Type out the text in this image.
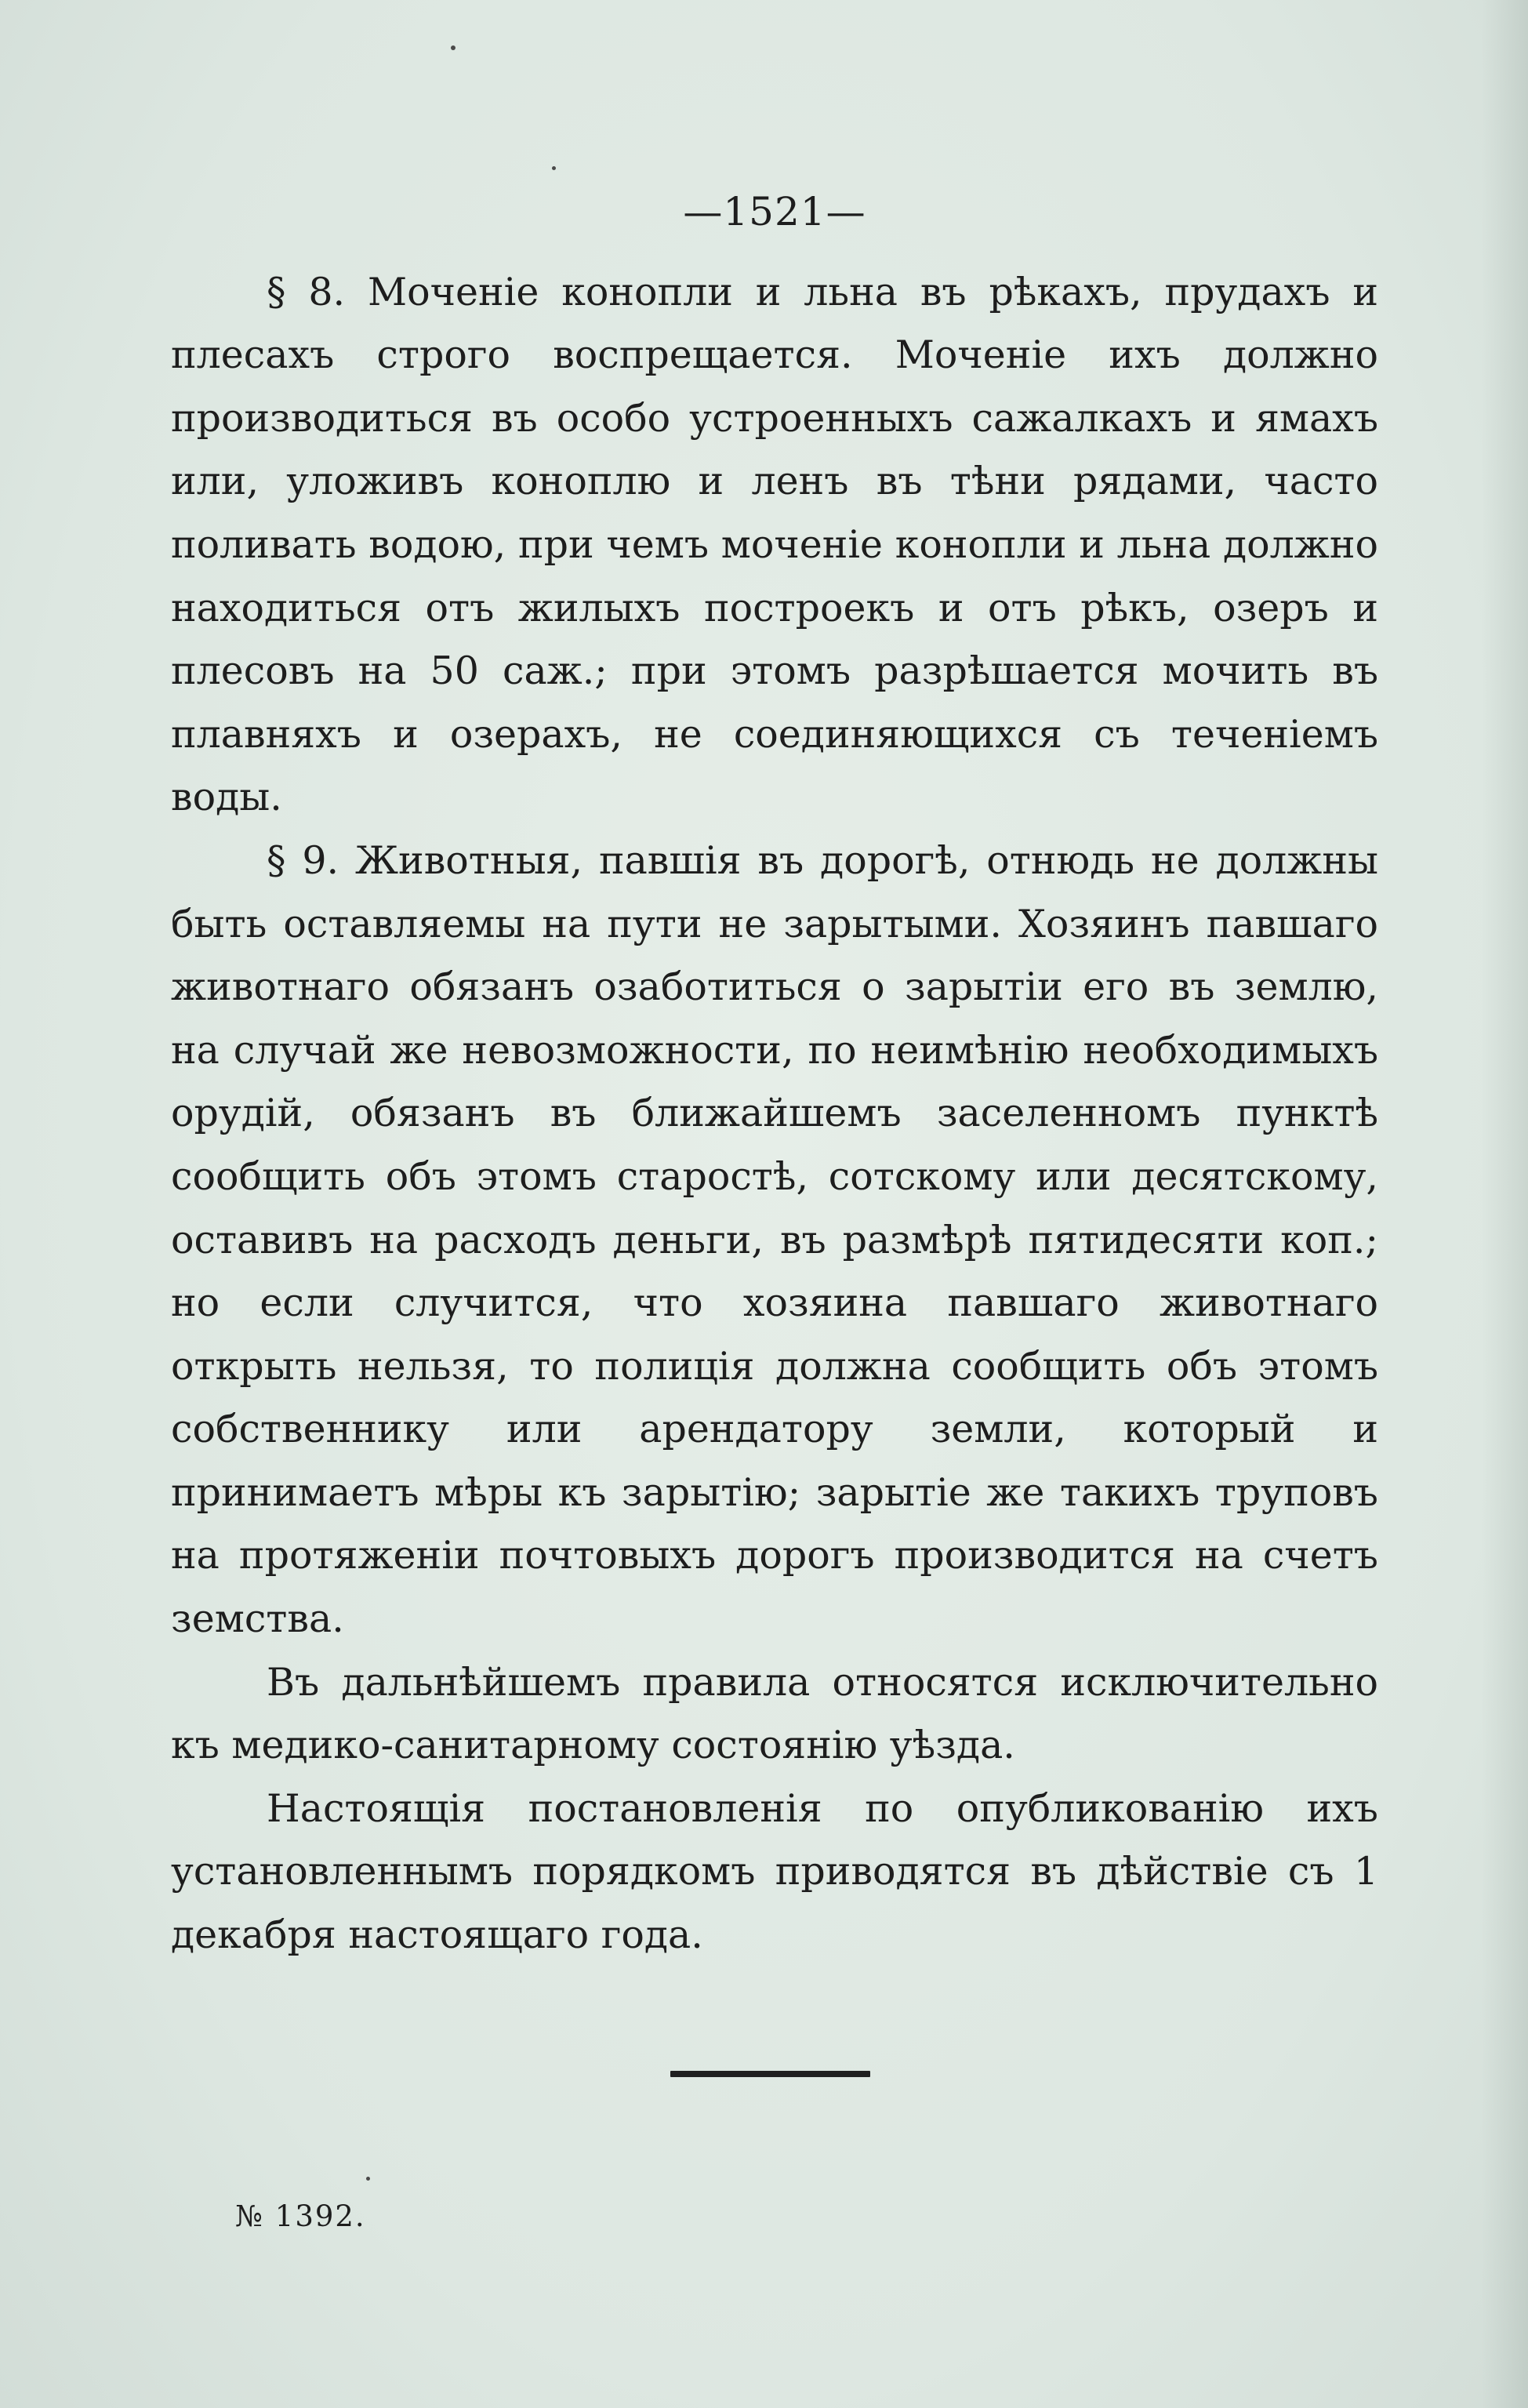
—1521—

§ 8. Моченіе конопли и льна въ рѣкахъ, прудахъ и плесахъ строго воспрещается. Моченіе ихъ должно производиться въ особо устроенныхъ сажалкахъ и ямахъ или, уложивъ коноплю и ленъ въ тѣни рядами, часто поливать водою, при чемъ моченіе конопли и льна должно находиться отъ жилыхъ построекъ и отъ рѣкъ, озеръ и плесовъ на 50 саж.; при этомъ разрѣшается мочить въ плавняхъ и озерахъ, не соединяющихся съ теченіемъ воды.

§ 9. Животныя, павшія въ дорогѣ, отнюдь не должны быть оставляемы на пути не зарытыми. Хозяинъ павшаго животнаго обязанъ озаботиться о зарытіи его въ землю, на случай же невозможности, по неимѣнію необходимыхъ орудій, обязанъ въ ближайшемъ заселенномъ пунктѣ сообщить объ этомъ старостѣ, сотскому или десятскому, оставивъ на расходъ деньги, въ размѣрѣ пятидесяти коп.; но если случится, что хозяина павшаго животнаго открыть нельзя, то полиція должна сообщить объ этомъ собственнику или арендатору земли, который и принимаетъ мѣры къ зарытію; зарытіе же такихъ труповъ на протяженіи почтовыхъ дорогъ производится на счетъ земства.

Въ дальнѣйшемъ правила относятся исключительно къ медико-санитарному состоянію уѣзда.

Настоящія постановленія по опубликованію ихъ установленнымъ порядкомъ приводятся въ дѣйствіе съ 1 декабря настоящаго года.

№ 1392.
